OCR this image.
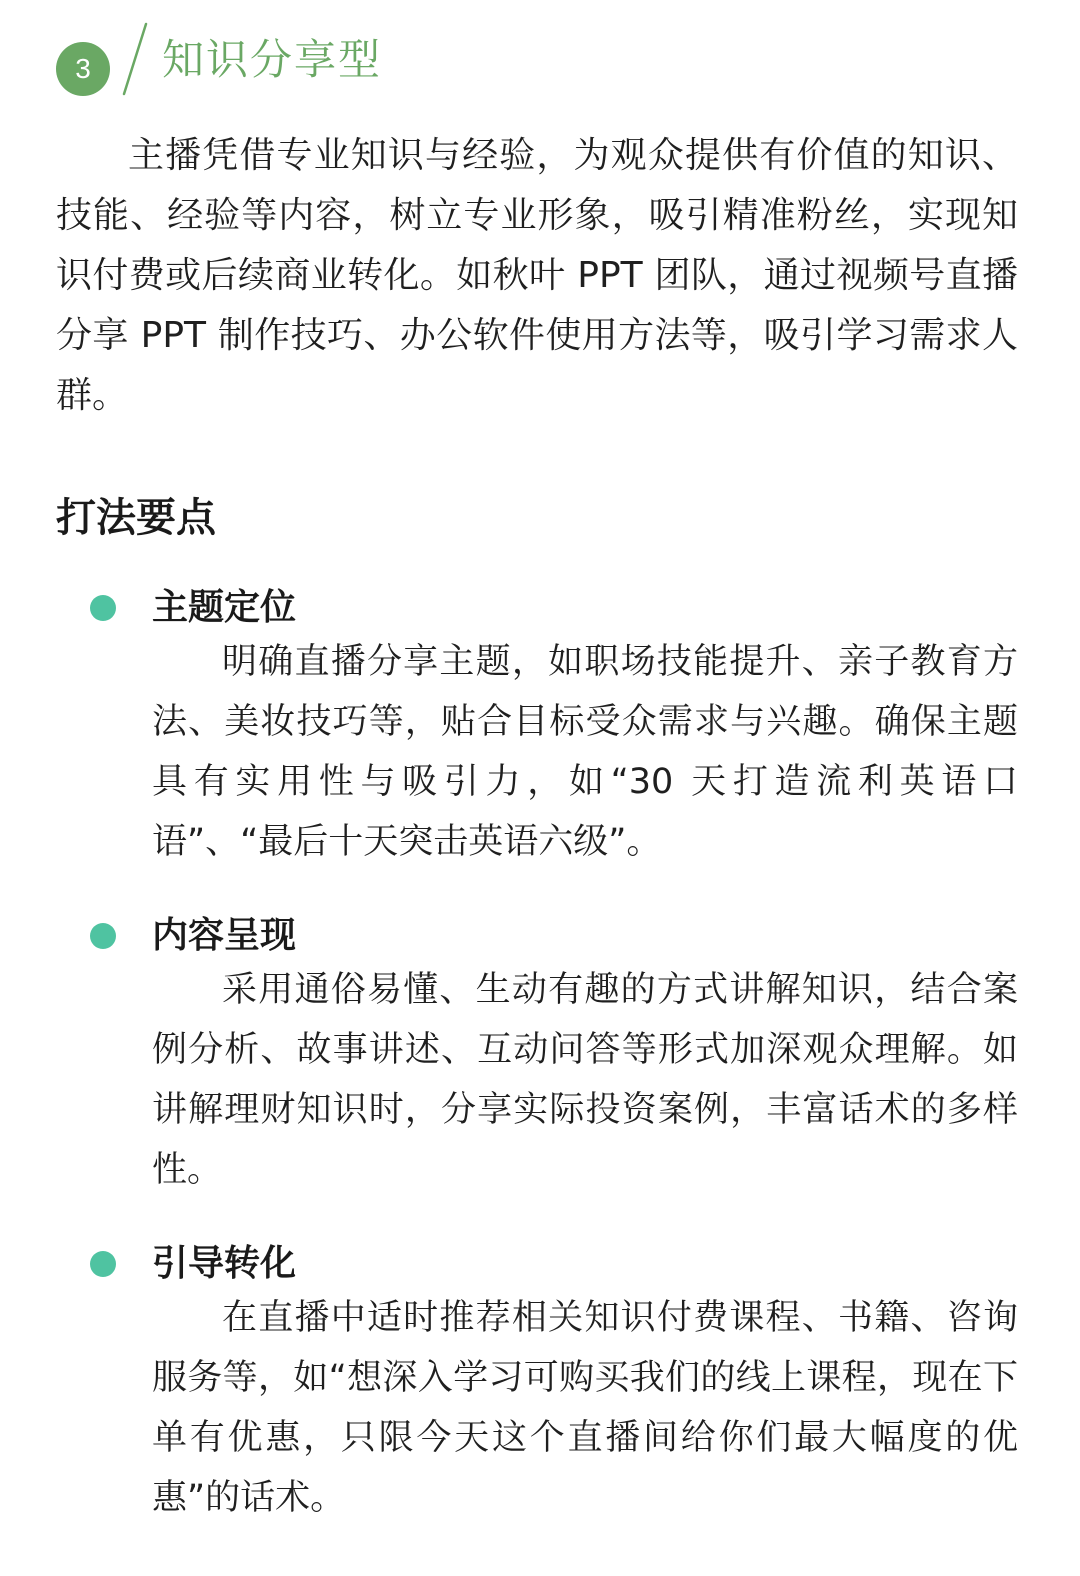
3	知识分享型

主播凭借专业知识与经验，为观众提供有价值的知识、技能、经验等内容，树立专业形象，吸引精准粉丝，实现知识付费或后续商业转化。如秋叶 PPT 团队，通过视频号直播分享 PPT 制作技巧、办公软件使用方法等，吸引学习需求人群。

打法要点
主题定位

明确直播分享主题，如职场技能提升、亲子教育方法、美妆技巧等，贴合目标受众需求与兴趣。确保主题具有实用性与吸引力，如“30 天打造流利英语口语”、“最后十天突击英语六级”。

内容呈现

采用通俗易懂、生动有趣的方式讲解知识，结合案例分析、故事讲述、互动问答等形式加深观众理解。如讲解理财知识时，分享实际投资案例，丰富话术的多样性。

引导转化

在直播中适时推荐相关知识付费课程、书籍、咨询服务等，如“想深入学习可购买我们的线上课程，现在下单有优惠，只限今天这个直播间给你们最大幅度的优惠”的话术。
